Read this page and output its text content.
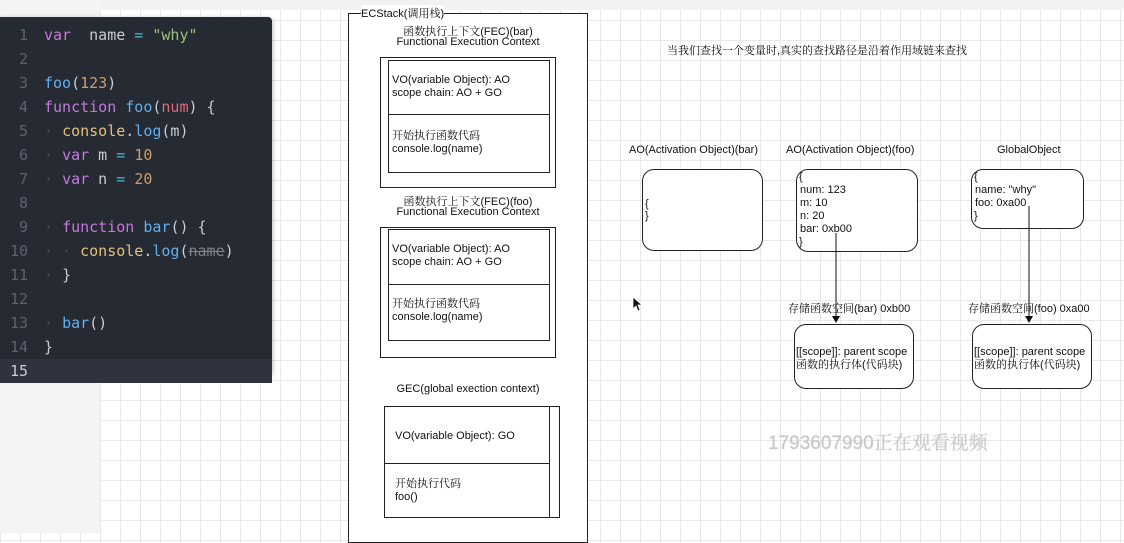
1 var name = "why"
2
3 foo(123)
4 function foo(num) {
5 · console.log(m)
6 · var m = 10
7 · var n = 20
8
9 · function bar() {
10 · · console.log(name)
11 · }
12
13 · bar()
14 }
15
ECStack(调用栈)
函数执行上下文(FEC)(bar)
Functional Execution Context
VO(variable Object): AO
scope chain: AO + GO
开始执行函数代码
console.log(name)
函数执行上下文(FEC)(foo)
Functional Execution Context
VO(variable Object): AO
scope chain: AO + GO
开始执行函数代码
console.log(name)
GEC(global exection context)
VO(variable Object): GO
开始执行代码
foo()
当我们查找一个变量时,真实的查找路径是沿着作用域链来查找
AO(Activation Object)(bar)
{
}
AO(Activation Object)(foo)
{
num: 123
m: 10
n: 20
bar: 0xb00
}
GlobalObject
{
name: "why"
foo: 0xa00
}
存储函数空间(bar) 0xb00
[[scope]]: parent scope
函数的执行体(代码块)
存储函数空间(foo) 0xa00
[[scope]]: parent scope
函数的执行体(代码块)
1793607990正在观看视频
